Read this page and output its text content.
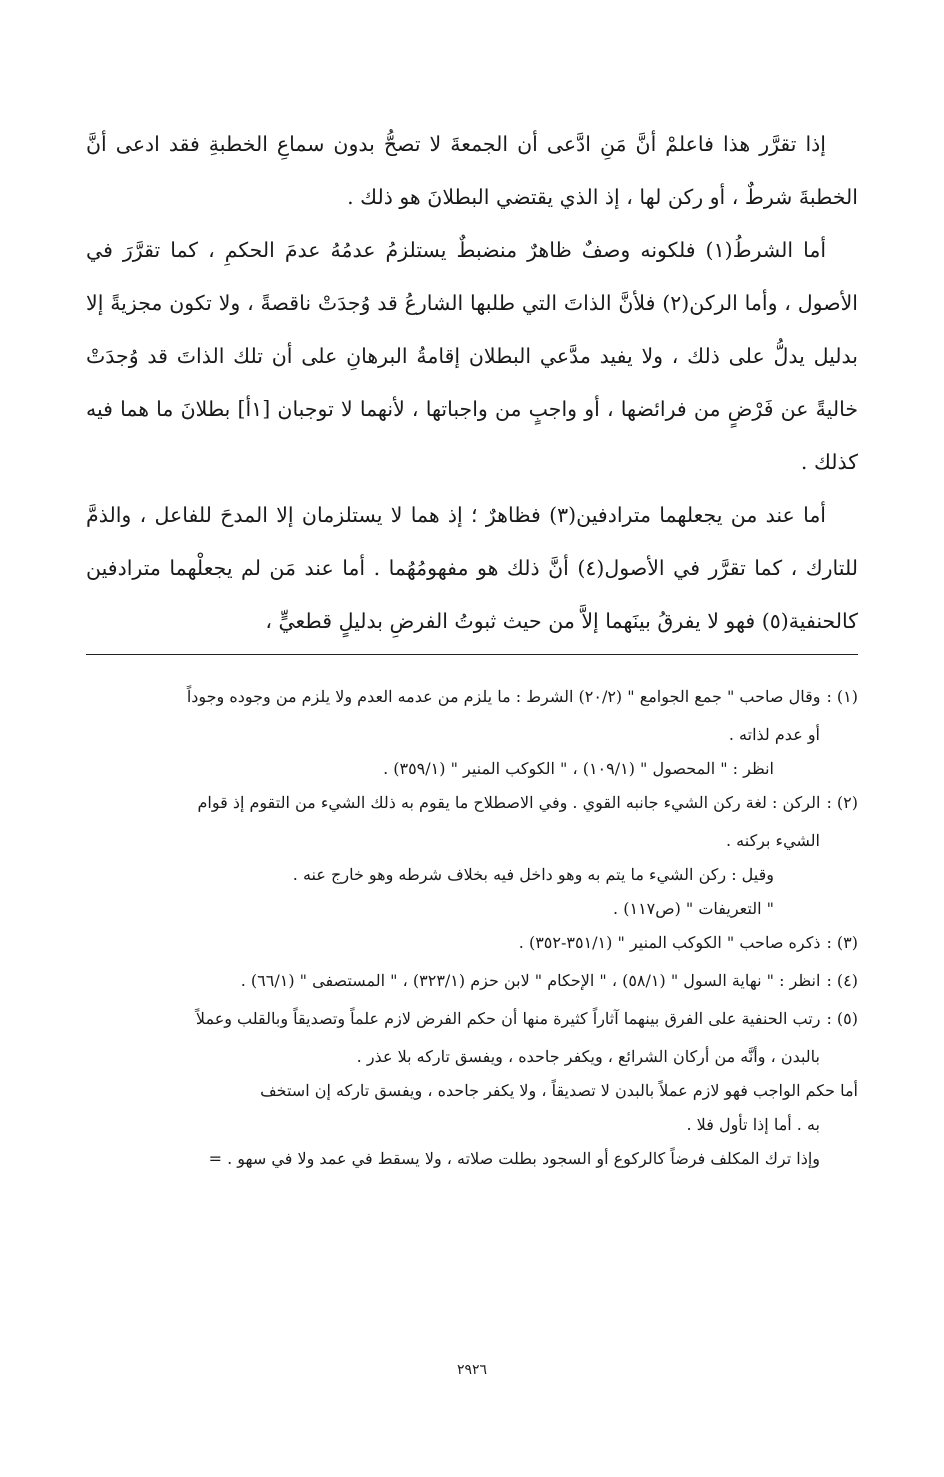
إذا تقرَّر هذا فاعلمْ أنَّ مَنِ ادَّعى أن الجمعةَ لا تصحُّ بدون سماعِ الخطبةِ فقد ادعى أنَّ الخطبةَ شرطٌ ، أو ركن لها ، إذ الذي يقتضي البطلانَ هو ذلك .

أما الشرطُ(١) فلكونه وصفٌ ظاهرٌ منضبطٌ يستلزمُ عدمُهُ عدمَ الحكمِ ، كما تقرَّرَ في الأصول ، وأما الركن(٢) فلأنَّ الذاتَ التي طلبها الشارعُ قد وُجدَتْ ناقصةً ، ولا تكون مجزيةً إلا بدليل يدلُّ على ذلك ، ولا يفيد مدَّعي البطلان إقامةُ البرهانِ على أن تلك الذاتَ قد وُجدَتْ خاليةً عن فَرْضٍ من فرائضها ، أو واجبٍ من واجباتها ، لأنهما لا توجبان [١أ] بطلانَ ما هما فيه كذلك .

أما عند من يجعلهما مترادفين(٣) فظاهرٌ ؛ إذ هما لا يستلزمان إلا المدحَ للفاعل ، والذمَّ للتارك ، كما تقرَّر في الأصول(٤) أنَّ ذلك هو مفهومُهُما . أما عند مَن لم يجعلْهما مترادفين كالحنفية(٥) فهو لا يفرقُ بينَهما إلاَّ من حيث ثبوتُ الفرضِ بدليلٍ قطعيٍّ ،

(١) :وقال صاحب " جمع الجوامع " (٢٠/٢) الشرط : ما يلزم من عدمه العدم ولا يلزم من وجوده وجوداً

أو عدم لذاته .

انظر : " المحصول " (١٠٩/١) ، " الكوكب المنير " (٣٥٩/١) .

(٢) :الركن : لغة ركن الشيء جانبه القوي . وفي الاصطلاح ما يقوم به ذلك الشيء من التقوم إذ قوام

الشيء بركنه .

وقيل : ركن الشيء ما يتم به وهو داخل فيه بخلاف شرطه وهو خارج عنه .

" التعريفات " (ص١١٧) .

(٣) :ذكره صاحب " الكوكب المنير " (٣٥١/١-٣٥٢) .

(٤) :انظر : " نهاية السول " (٥٨/١) ، " الإحكام " لابن حزم (٣٢٣/١) ، " المستصفى " (٦٦/١) .

(٥) :رتب الحنفية على الفرق بينهما آثاراً كثيرة منها أن حكم الفرض لازم علماً وتصديقاً وبالقلب وعملاً

بالبدن ، وأنَّه من أركان الشرائع ، ويكفر جاحده ، ويفسق تاركه بلا عذر .

أما حكم الواجب فهو لازم عملاً بالبدن لا تصديقاً ، ولا يكفر جاحده ، ويفسق تاركه إن استخف

به . أما إذا تأول فلا .

وإذا ترك المكلف فرضاً كالركوع أو السجود بطلت صلاته ، ولا يسقط في عمد ولا في سهو . =

٢٩٢٦
